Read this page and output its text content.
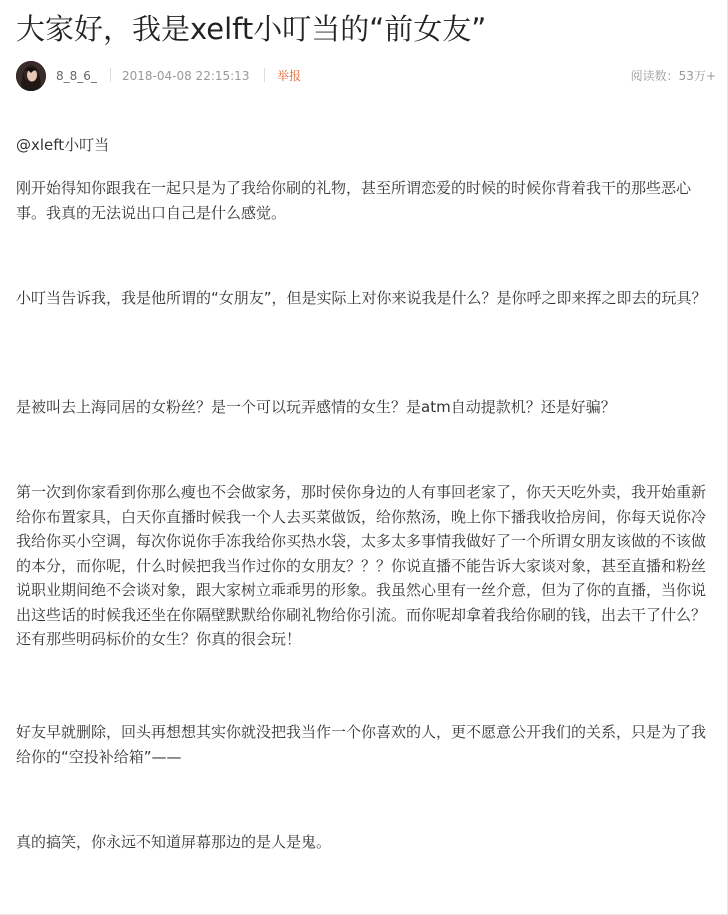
大家好，我是xelft小叮当的“前女友”
8_8_6_ 2018-04-08 22:15:13 举报	阅读数：53万+

@xleft小叮当

刚开始得知你跟我在一起只是为了我给你刷的礼物，甚至所谓恋爱的时候的时候你背着我干的那些恶心事。我真的无法说出口自己是什么感觉。

小叮当告诉我，我是他所谓的“女朋友”，但是实际上对你来说我是什么？是你呼之即来挥之即去的玩具？

是被叫去上海同居的女粉丝？是一个可以玩弄感情的女生？是atm自动提款机？还是好骗？

第一次到你家看到你那么瘦也不会做家务，那时侯你身边的人有事回老家了，你天天吃外卖，我开始重新给你布置家具，白天你直播时候我一个人去买菜做饭，给你熬汤，晚上你下播我收拾房间，你每天说你冷我给你买小空调，每次你说你手冻我给你买热水袋，太多太多事情我做好了一个所谓女朋友该做的不该做的本分，而你呢，什么时候把我当作过你的女朋友？？？你说直播不能告诉大家谈对象，甚至直播和粉丝说职业期间绝不会谈对象，跟大家树立乖乖男的形象。我虽然心里有一丝介意，但为了你的直播，当你说出这些话的时候我还坐在你隔壁默默给你刷礼物给你引流。而你呢却拿着我给你刷的钱，出去干了什么？还有那些明码标价的女生？你真的很会玩！

好友早就删除，回头再想想其实你就没把我当作一个你喜欢的人，更不愿意公开我们的关系，只是为了我给你的“空投补给箱”——

真的搞笑，你永远不知道屏幕那边的是人是鬼。
